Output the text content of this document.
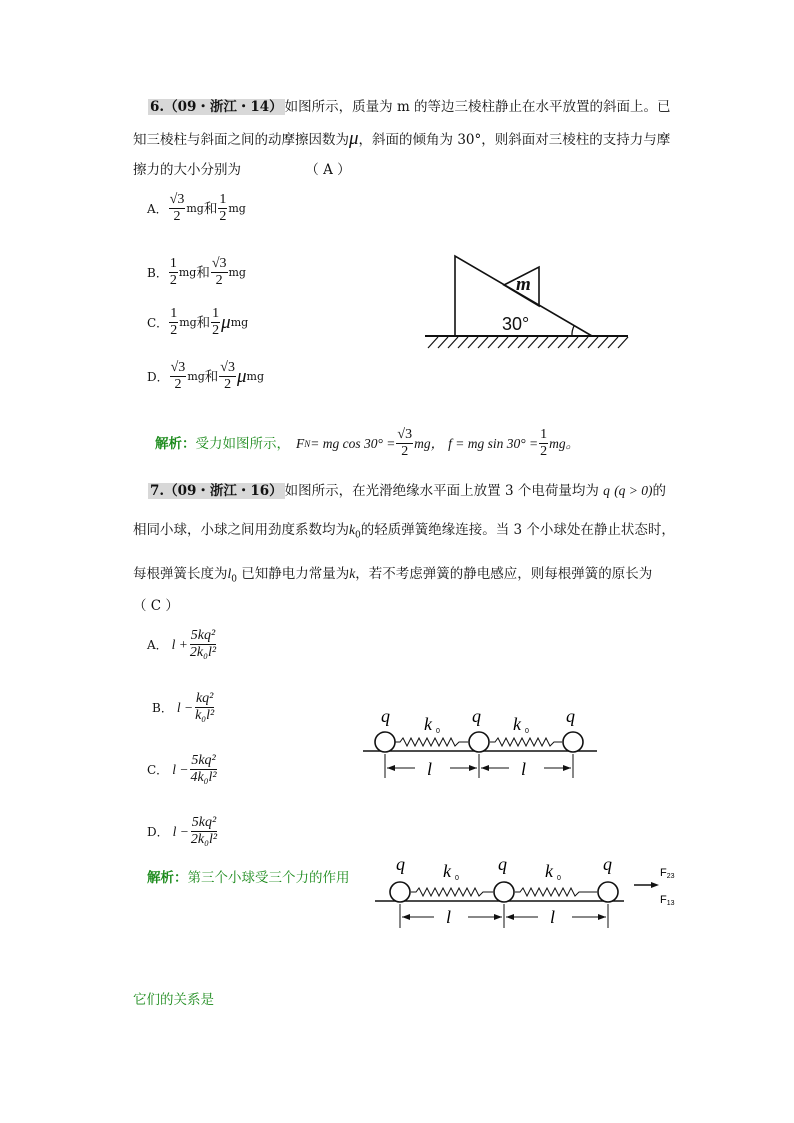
6.（09・浙江・14） 如图所示，质量为 m 的等边三棱柱静止在水平放置的斜面上。已
知三棱柱与斜面之间的动摩擦因数为μ，斜面的倾角为 30°，则斜面对三棱柱的支持力与摩
擦力的大小分别为	（ A ）
A． $\frac{√3}{2}$ mg 和 $\frac{1}{2}$ mg
B． $\frac{1}{2}$ mg 和 $\frac{√3}{2}$ mg
C． $\frac{1}{2}$ mg 和 $\frac{1}{2}$ μ mg
D． $\frac{√3}{2}$ mg 和 $\frac{√3}{2}$ μ mg
m
30°
解析： 受力如图所示， F N = mg $\cos 30^\circ = \frac{√3}{2}$ mg， f = mg $\sin 30^\circ = \frac{1}{2}$ mg。
7.（09・浙江・16） 如图所示，在光滑绝缘水平面上放置 3 个电荷量均为 q (q > 0)的
相同小球，小球之间用劲度系数均为$k_0$的轻质弹簧绝缘连接。当 3 个小球处在静止状态时，
每根弹簧长度为$l_0$ 已知静电力常量为k，若不考虑弹簧的静电感应，则每根弹簧的原长为
（ C ）
A． $l + \frac{\text{5kq²}}{\text{2k₀l²}}$
B． $l - \frac{\text{kq²}}{\text{k₀l²}}$
C． $l - \frac{\text{5kq²}}{\text{4k₀l²}}$
D． $l - \frac{\text{5kq²}}{\text{2k₀l²}}$
q	q	q
k 0	k 0
l	l
解析：第三个小球受三个力的作用
q	q	q
k 0	k 0
l	l
F23
F13
它们的关系是
